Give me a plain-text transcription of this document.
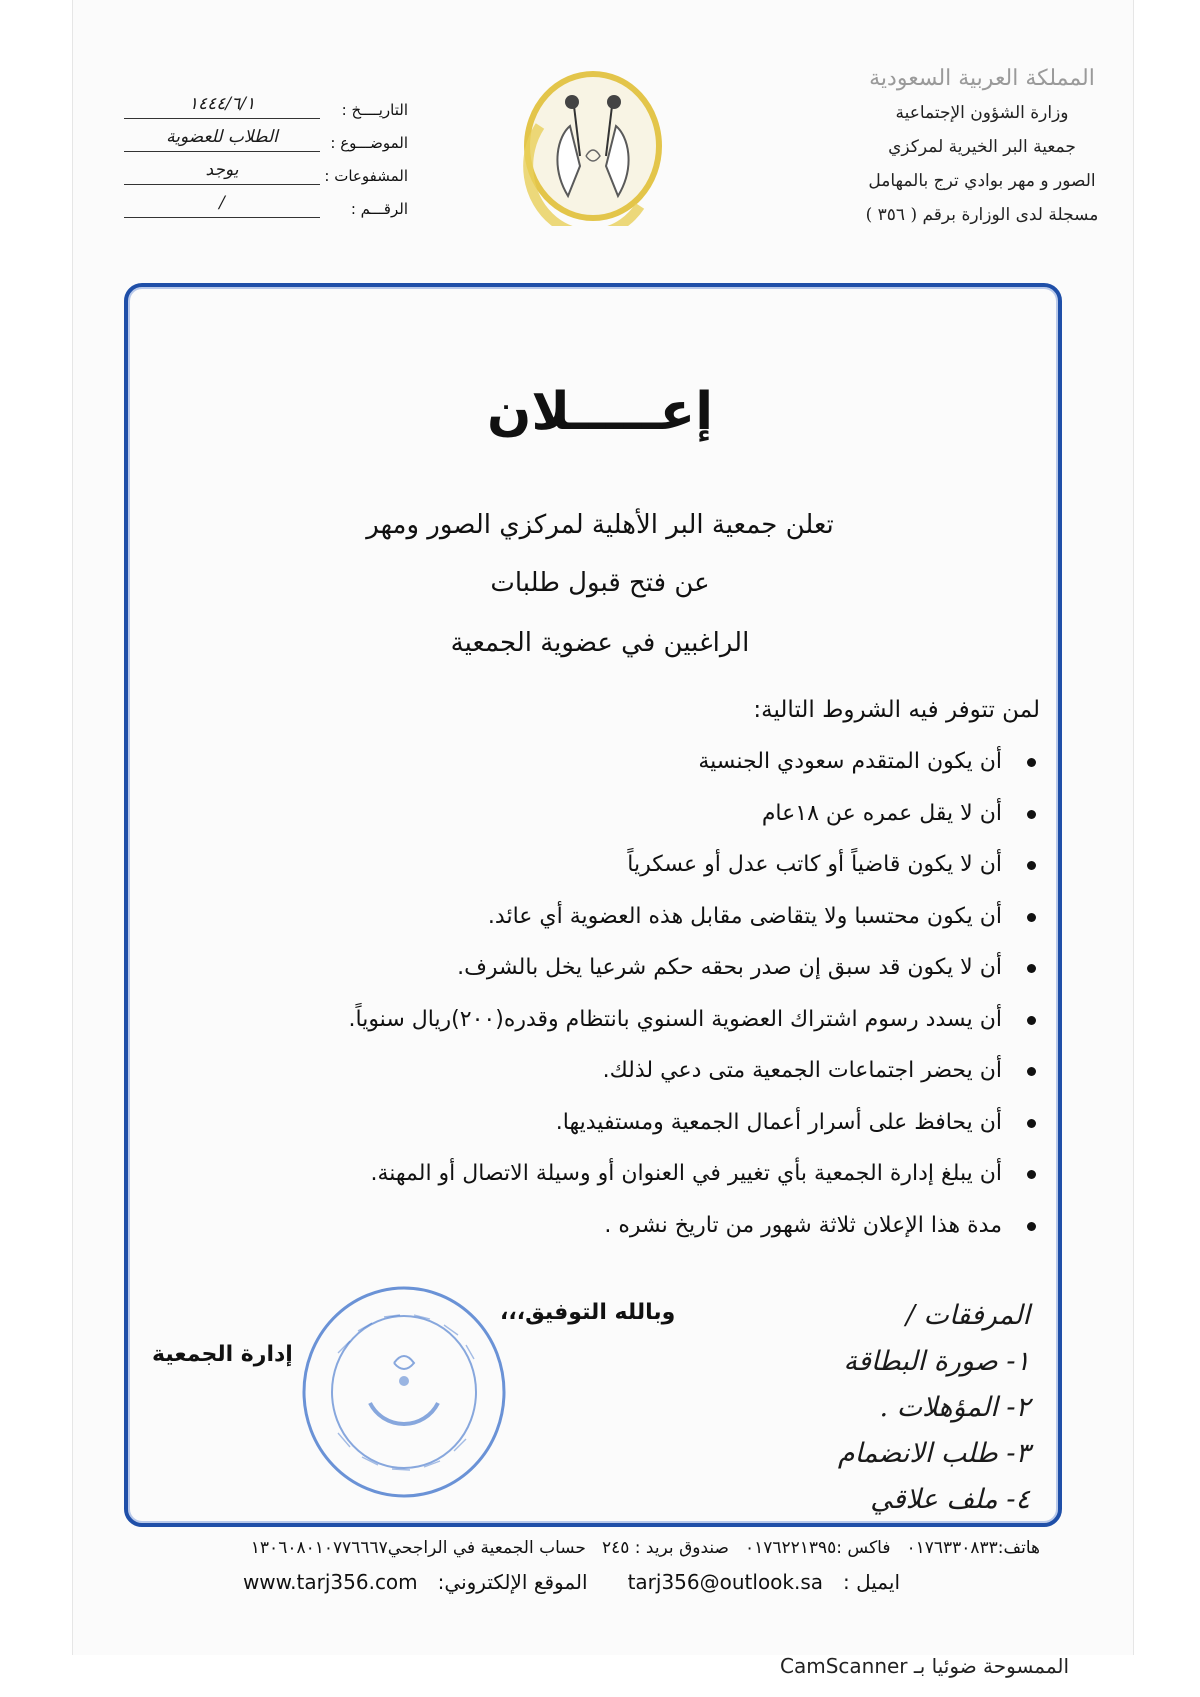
المملكة العربية السعودية
وزارة الشؤون الإجتماعية
جمعية البر الخيرية لمركزي
الصور و مهر بوادي ترج بالمهامل
مسجلة لدى الوزارة برقم ( ٣٥٦ )
التاريــــخ :
١٤٤٤/٦/١
الموضـــوع :
الطلاب للعضوية
المشفوعات :
يوجد
الرقـــم :
/
إعـــــلان
تعلن جمعية البر الأهلية لمركزي الصور ومهر
عن فتح قبول طلبات
الراغبين في عضوية الجمعية
لمن تتوفر فيه الشروط التالية:
أن يكون المتقدم سعودي الجنسية
أن لا يقل عمره عن ١٨عام
أن لا يكون قاضياً أو كاتب عدل أو عسكرياً
أن يكون محتسبا ولا يتقاضى مقابل هذه العضوية أي عائد.
أن لا يكون قد سبق إن صدر بحقه حكم شرعيا يخل بالشرف.
أن يسدد رسوم اشتراك العضوية السنوي بانتظام وقدره(٢٠٠)ريال سنوياً.
أن يحضر اجتماعات الجمعية متى دعي لذلك.
أن يحافظ على أسرار أعمال الجمعية ومستفيديها.
أن يبلغ إدارة الجمعية بأي تغيير في العنوان أو وسيلة الاتصال أو المهنة.
مدة هذا الإعلان ثلاثة شهور من تاريخ نشره .
وبالله التوفيق،،،
إدارة الجمعية
المرفقات /
١- صورة البطاقة
٢- المؤهلات .
٣- طلب الانضمام
٤- ملف علاقي
هاتف:٠١٧٦٣٣٠٨٣٣
فاكس :٠١٧٦٢٢١٣٩٥
صندوق بريد : ٢٤٥
حساب الجمعية في الراجحي١٣٠٦٠٨٠١٠٧٧٦٦٦٧
ايميل :
tarj356@outlook.sa
الموقع الإلكتروني:
www.tarj356.com
الممسوحة ضوئيا بـ CamScanner
